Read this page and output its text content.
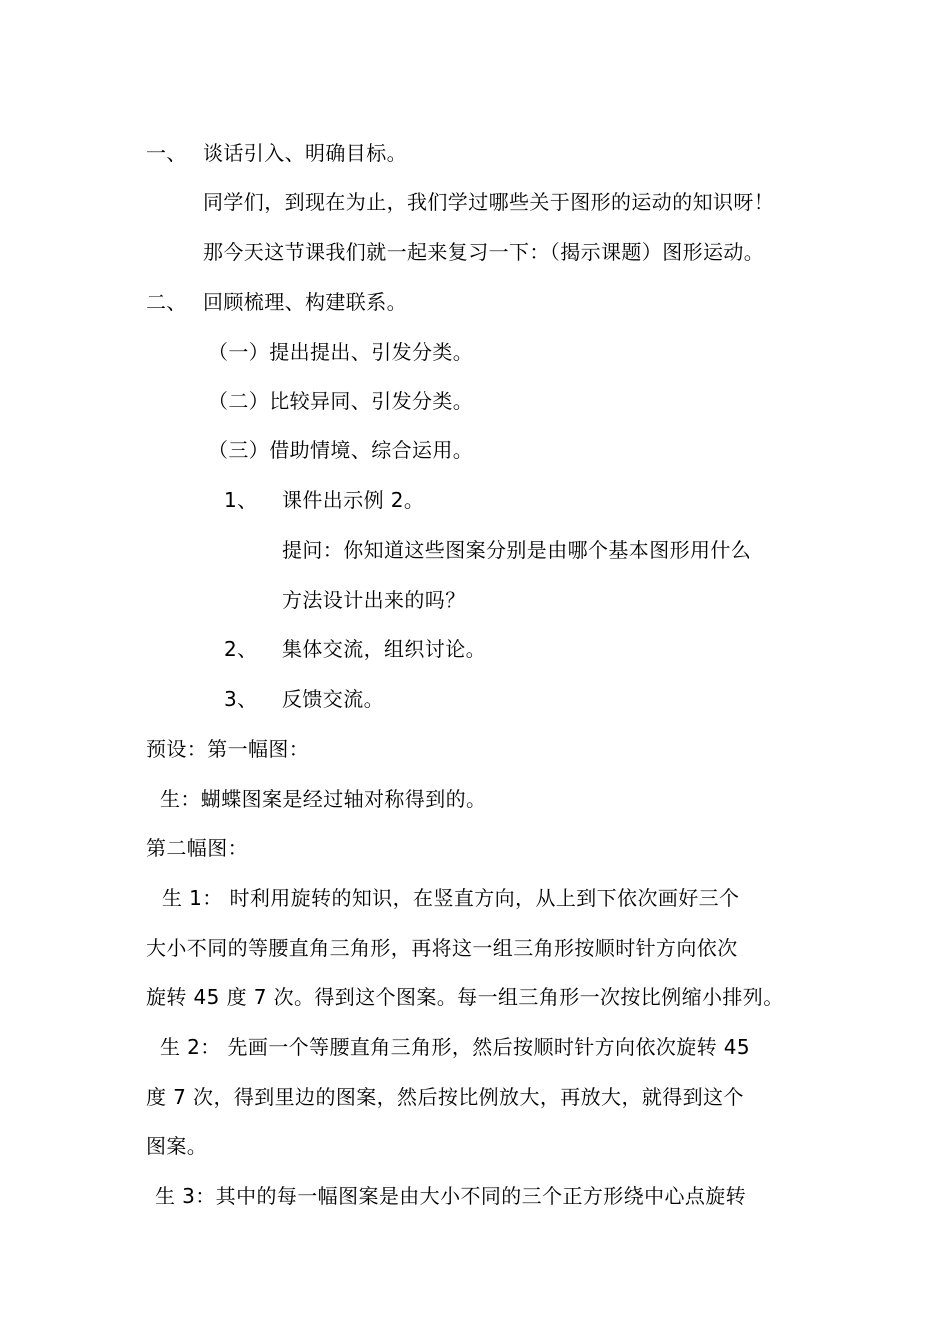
一、 谈话引入、明确目标。
同学们，到现在为止，我们学过哪些关于图形的运动的知识呀！
那今天这节课我们就一起来复习一下：（揭示课题）图形运动。
二、 回顾梳理、构建联系。
（一）提出提出、引发分类。
（二）比较异同、引发分类。
（三）借助情境、综合运用。
1、 课件出示例 2。
提问：你知道这些图案分别是由哪个基本图形用什么
方法设计出来的吗？
2、 集体交流，组织讨论。
3、 反馈交流。
预设：第一幅图：
生：蝴蝶图案是经过轴对称得到的。
第二幅图：
生 1： 时利用旋转的知识，在竖直方向，从上到下依次画好三个
大小不同的等腰直角三角形，再将这一组三角形按顺时针方向依次
旋转 45 度 7 次。得到这个图案。每一组三角形一次按比例缩小排列。
生 2： 先画一个等腰直角三角形，然后按顺时针方向依次旋转 45
度 7 次，得到里边的图案，然后按比例放大，再放大，就得到这个
图案。
生 3：其中的每一幅图案是由大小不同的三个正方形绕中心点旋转
